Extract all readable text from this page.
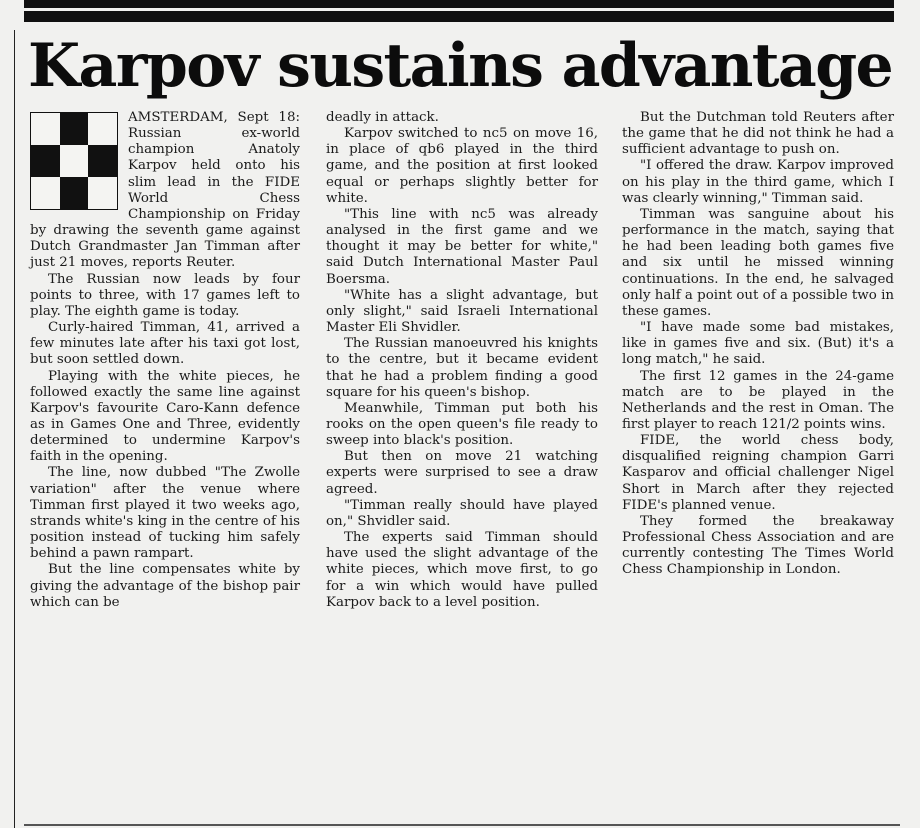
Karpov sustains advantage

AMSTERDAM, Sept 18: Russian ex-world champion Anatoly Karpov held onto his slim lead in the FIDE World Chess Championship on Friday by drawing the seventh game against Dutch Grandmaster Jan Timman after just 21 moves, reports Reuter.

The Russian now leads by four points to three, with 17 games left to play. The eighth game is today.

Curly-haired Timman, 41, arrived a few minutes late after his taxi got lost, but soon settled down.

Playing with the white pieces, he followed exactly the same line against Karpov's favourite Caro-Kann defence as in Games One and Three, evidently determined to undermine Karpov's faith in the opening.

The line, now dubbed "The Zwolle variation" after the venue where Timman first played it two weeks ago, strands white's king in the centre of his position instead of tucking him safely behind a pawn rampart.

But the line compensates white by giving the advantage of the bishop pair which can be

deadly in attack.

Karpov switched to nc5 on move 16, in place of qb6 played in the third game, and the position at first looked equal or perhaps slightly better for white.

"This line with nc5 was already analysed in the first game and we thought it may be better for white," said Dutch International Master Paul Boersma.

"White has a slight advantage, but only slight," said Israeli International Master Eli Shvidler.

The Russian manoeuvred his knights to the centre, but it became evident that he had a problem finding a good square for his queen's bishop.

Meanwhile, Timman put both his rooks on the open queen's file ready to sweep into black's position.

But then on move 21 watching experts were surprised to see a draw agreed.

"Timman really should have played on," Shvidler said.

The experts said Timman should have used the slight advantage of the white pieces, which move first, to go for a win which would have pulled Karpov back to a level position.

But the Dutchman told Reuters after the game that he did not think he had a sufficient advantage to push on.

"I offered the draw. Karpov improved on his play in the third game, which I was clearly winning," Timman said.

Timman was sanguine about his performance in the match, saying that he had been leading both games five and six until he missed winning continuations. In the end, he salvaged only half a point out of a possible two in these games.

"I have made some bad mistakes, like in games five and six. (But) it's a long match," he said.

The first 12 games in the 24-game match are to be played in the Netherlands and the rest in Oman. The first player to reach 121/2 points wins.

FIDE, the world chess body, disqualified reigning champion Garri Kasparov and official challenger Nigel Short in March after they rejected FIDE's planned venue.

They formed the breakaway Professional Chess Association and are currently contesting The Times World Chess Championship in London.
